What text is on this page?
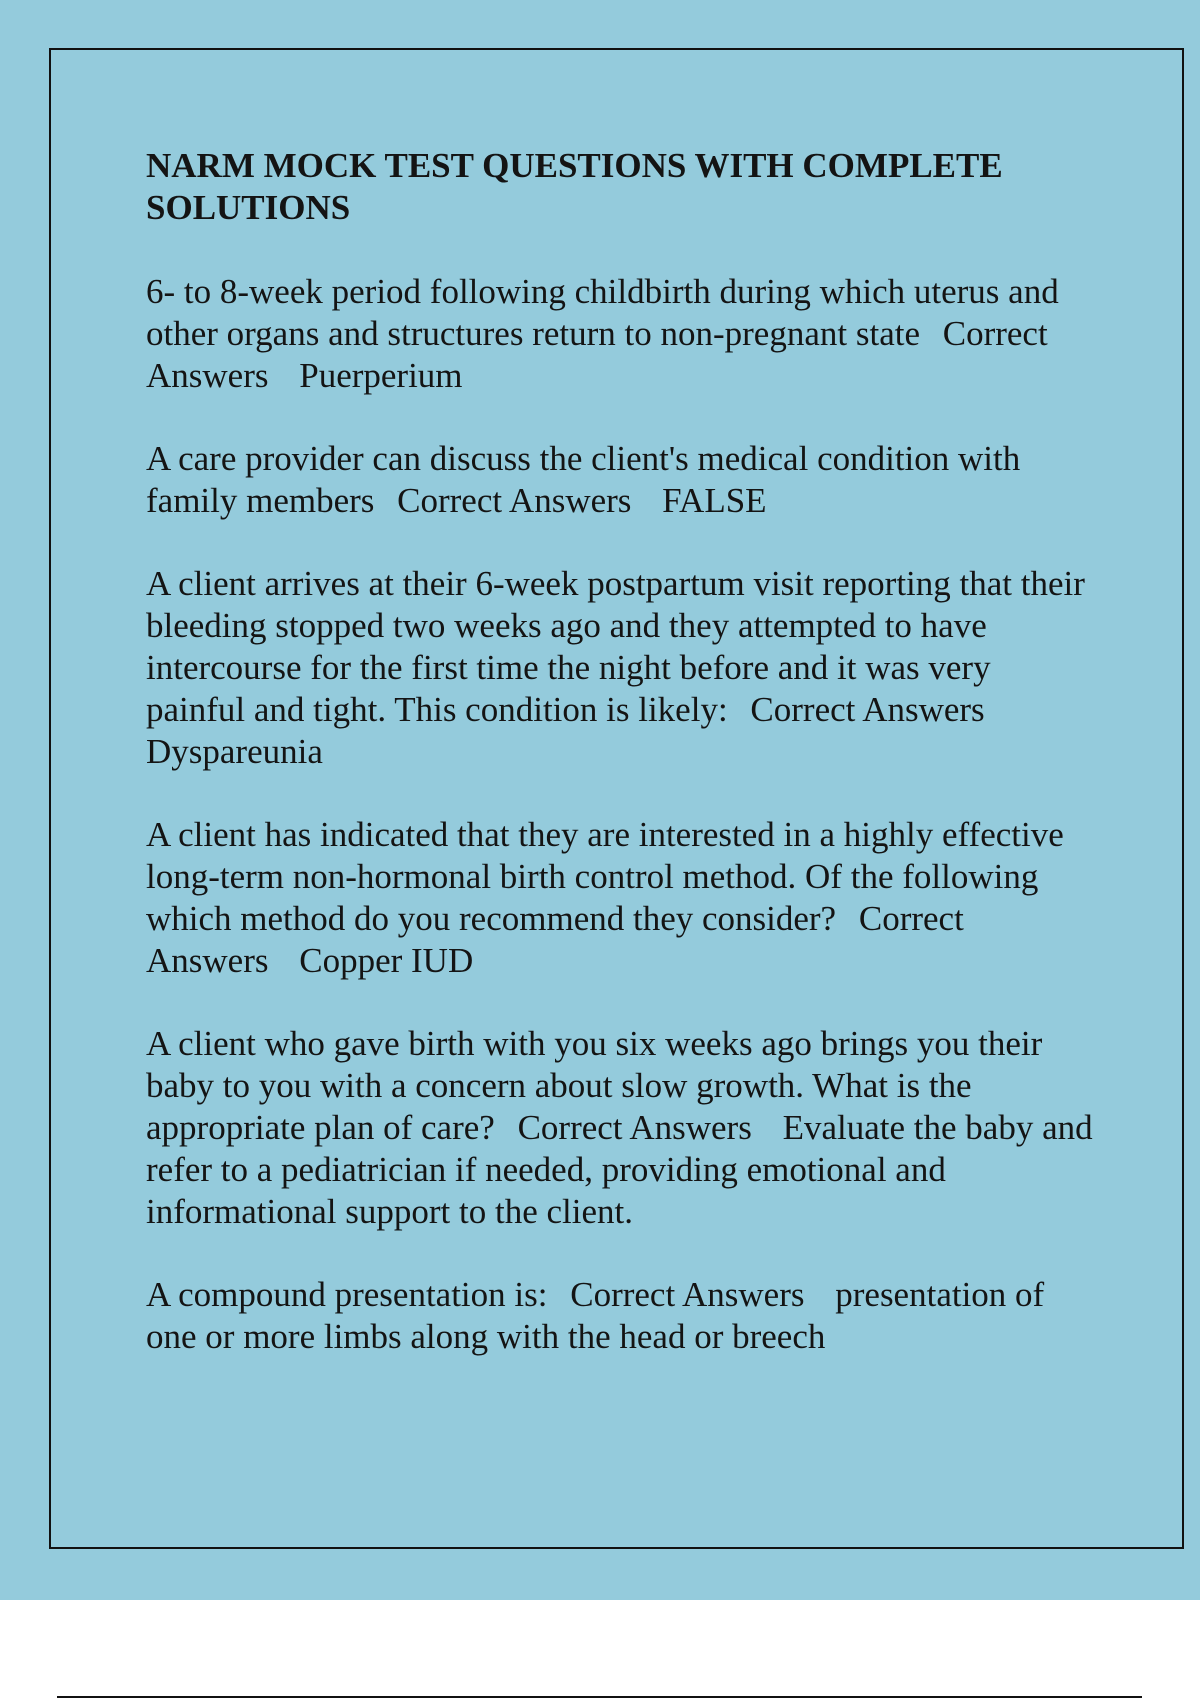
NARM MOCK TEST QUESTIONS WITH COMPLETE SOLUTIONS

6- to 8-week period following childbirth during which uterus and other organs and structures return to non-pregnant state Correct Answers Puerperium

A care provider can discuss the client's medical condition with family members Correct Answers FALSE

A client arrives at their 6-week postpartum visit reporting that their bleeding stopped two weeks ago and they attempted to have intercourse for the first time the night before and it was very painful and tight. This condition is likely: Correct Answers Dyspareunia

A client has indicated that they are interested in a highly effective long-term non-hormonal birth control method. Of the following which method do you recommend they consider? Correct Answers Copper IUD

A client who gave birth with you six weeks ago brings you their baby to you with a concern about slow growth. What is the appropriate plan of care? Correct Answers Evaluate the baby and refer to a pediatrician if needed, providing emotional and informational support to the client.

A compound presentation is: Correct Answers presentation of one or more limbs along with the head or breech
